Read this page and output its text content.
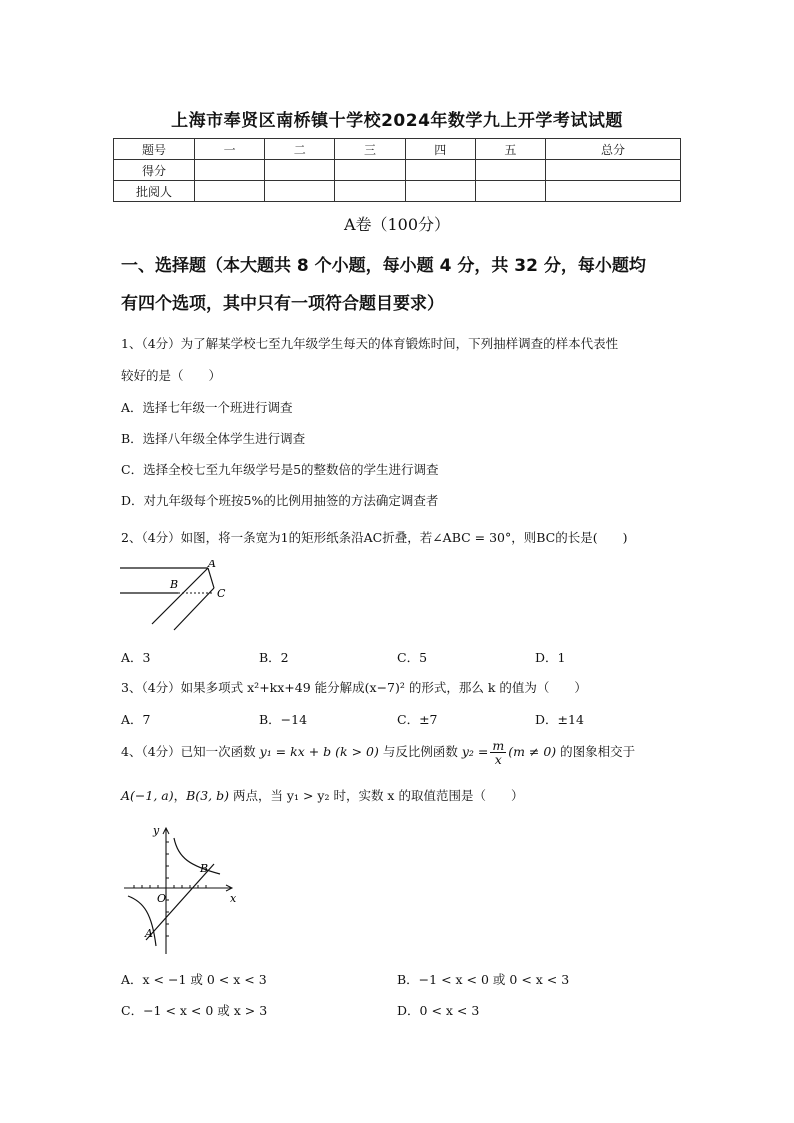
上海市奉贤区南桥镇十学校2024年数学九上开学考试试题
题号	一	二	三	四	五	总分
得分						
批阅人						
A卷（100分）
一、选择题（本大题共 8 个小题，每小题 4 分，共 32 分，每小题均
有四个选项，其中只有一项符合题目要求）
1、（4分）为了解某学校七至九年级学生每天的体育锻炼时间，下列抽样调查的样本代表性
较好的是（　　）
A．选择七年级一个班进行调查
B．选择八年级全体学生进行调查
C．选择全校七至九年级学号是5的整数倍的学生进行调查
D．对九年级每个班按5%的比例用抽签的方法确定调查者
2、（4分）如图，将一条宽为1的矩形纸条沿AC折叠，若∠ABC = 30°，则BC的长是(　　)
A
B
C
A．3	B．2	C．5	D．1
3、（4分）如果多项式 x²+kx+49 能分解成(x−7)² 的形式，那么 k 的值为（　　）
A．7	B．−14	C．±7	D．±14
4、（4分）已知一次函数 y₁ = kx + b (k > 0) 与反比例函数 $y_2 = \frac{m}{x} (m \ne 0)$ 的图象相交于
A(−1, a)，B(3, b) 两点，当 y₁ > y₂ 时，实数 x 的取值范围是（　　）
y
x
O
A
B
A．x < −1 或 0 < x < 3	B．−1 < x < 0 或 0 < x < 3
C．−1 < x < 0 或 x > 3	D．0 < x < 3
